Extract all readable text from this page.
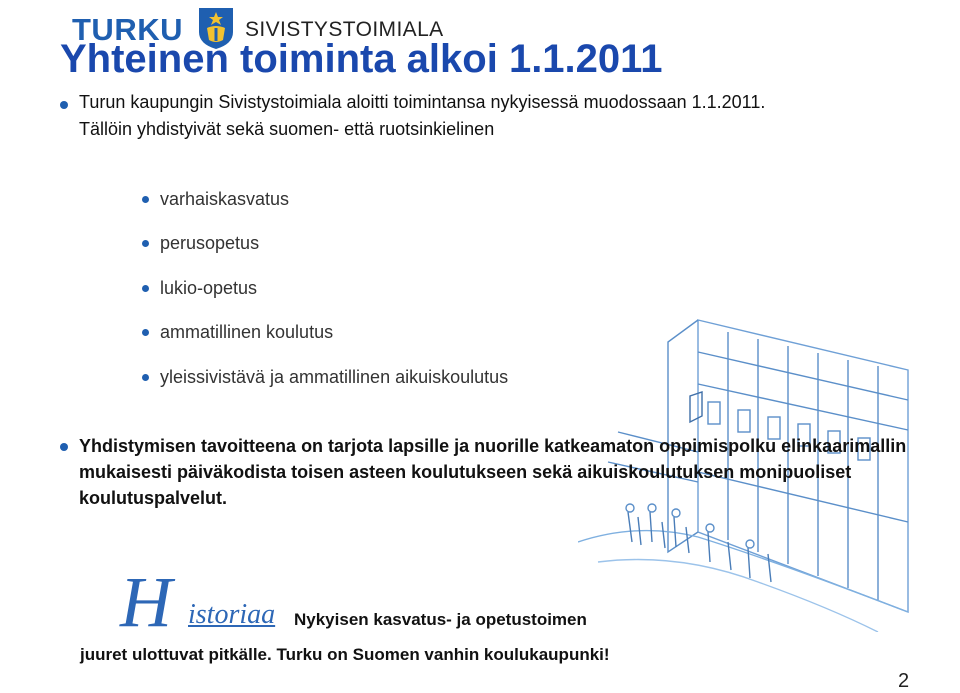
TURKU	SIVISTYSTOIMIALA
Yhteinen toiminta alkoi 1.1.2011

Turun kaupungin Sivistystoimiala aloitti toimintansa nykyisessä muodossaan 1.1.2011. Tällöin yhdistyivät sekä suomen- että ruotsinkielinen

varhaiskasvatus
perusopetus
lukio-opetus
ammatillinen koulutus
yleissivistävä ja ammatillinen aikuiskoulutus

Yhdistymisen tavoitteena on tarjota lapsille ja nuorille katkeamaton oppimispolku elinkaarimallin mukaisesti päiväkodista toisen asteen koulutukseen sekä aikuiskoulutuksen monipuoliset koulutuspalvelut.

H istoriaa Nykyisen kasvatus- ja opetustoimen
juuret ulottuvat pitkälle. Turku on Suomen vanhin koulukaupunki!
2
